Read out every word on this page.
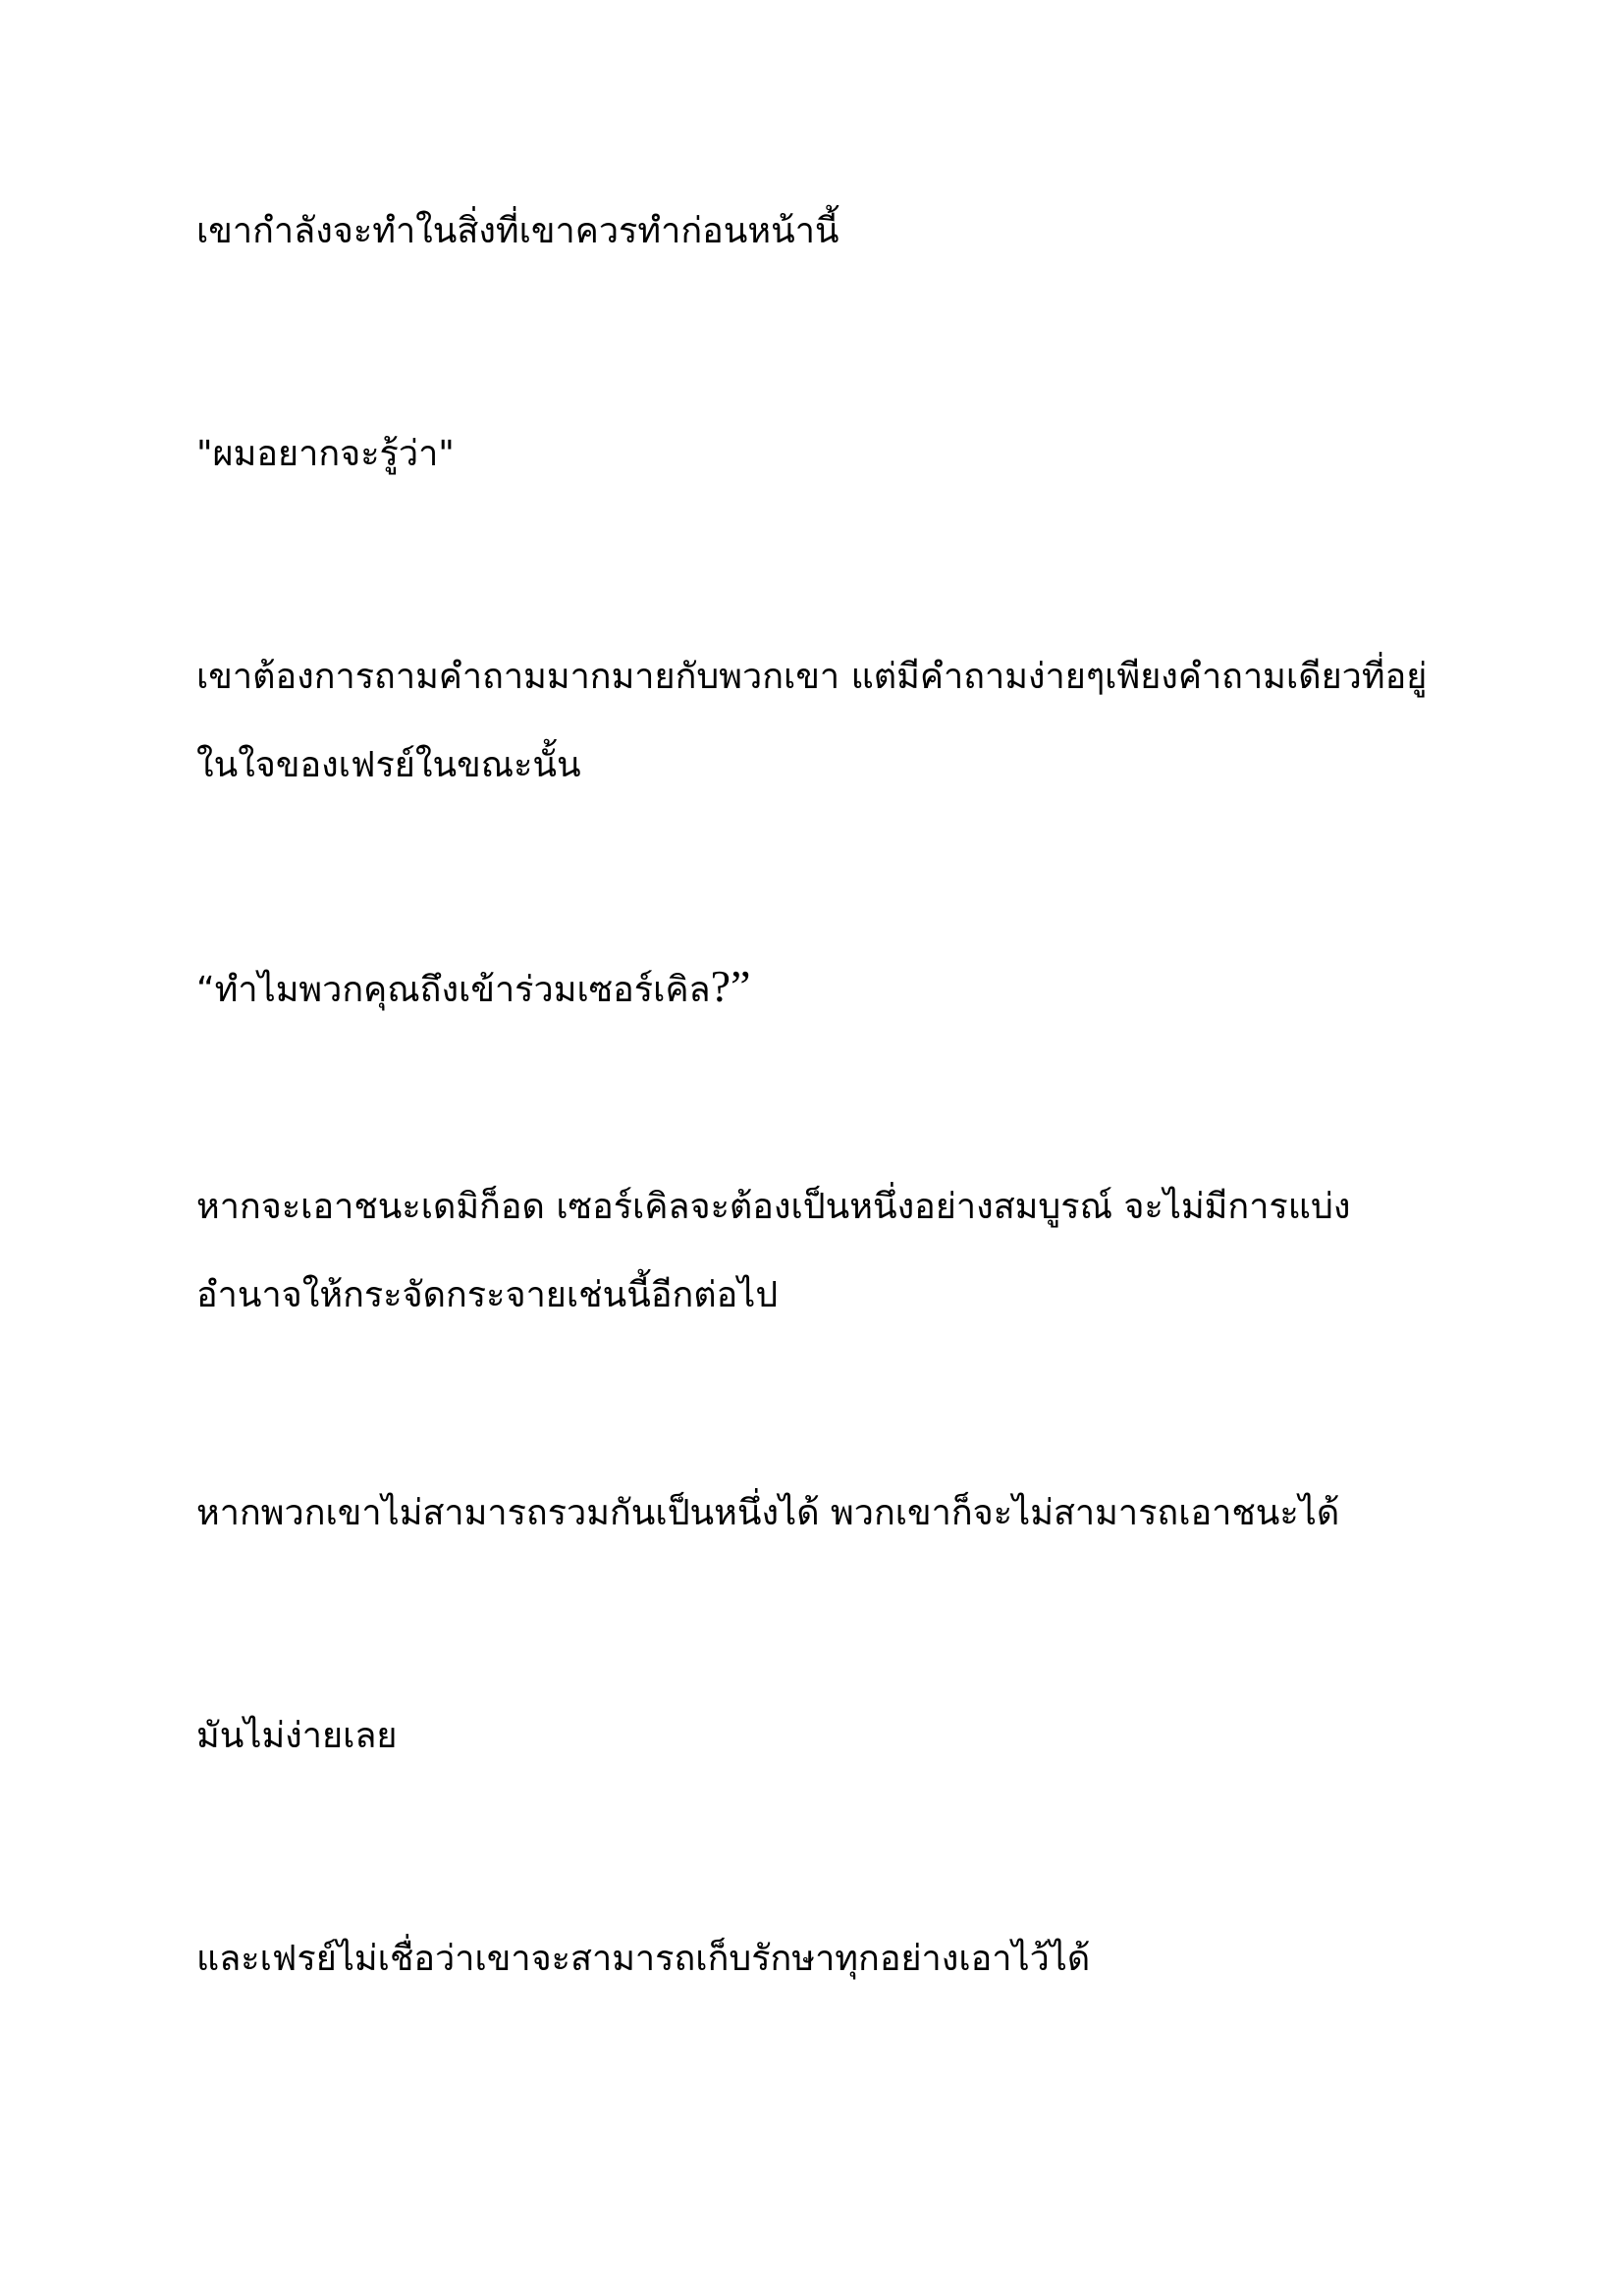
เขากำลังจะทำในสิ่งที่เขาควรทำก่อนหน้านี้

"ผมอยากจะรู้ว่า"

เขาต้องการถามคำถามมากมายกับพวกเขา แต่มีคำถามง่ายๆเพียงคำถามเดียวที่อยู่
ในใจของเฟรย์ในขณะนั้น

“ทำไมพวกคุณถึงเข้าร่วมเซอร์เคิล?”

หากจะเอาชนะเดมิก็อด เซอร์เคิลจะต้องเป็นหนึ่งอย่างสมบูรณ์ จะไม่มีการแบ่ง
อำนาจให้กระจัดกระจายเช่นนี้อีกต่อไป

หากพวกเขาไม่สามารถรวมกันเป็นหนึ่งได้ พวกเขาก็จะไม่สามารถเอาชนะได้

มันไม่ง่ายเลย

และเฟรย์ไม่เชื่อว่าเขาจะสามารถเก็บรักษาทุกอย่างเอาไว้ได้
